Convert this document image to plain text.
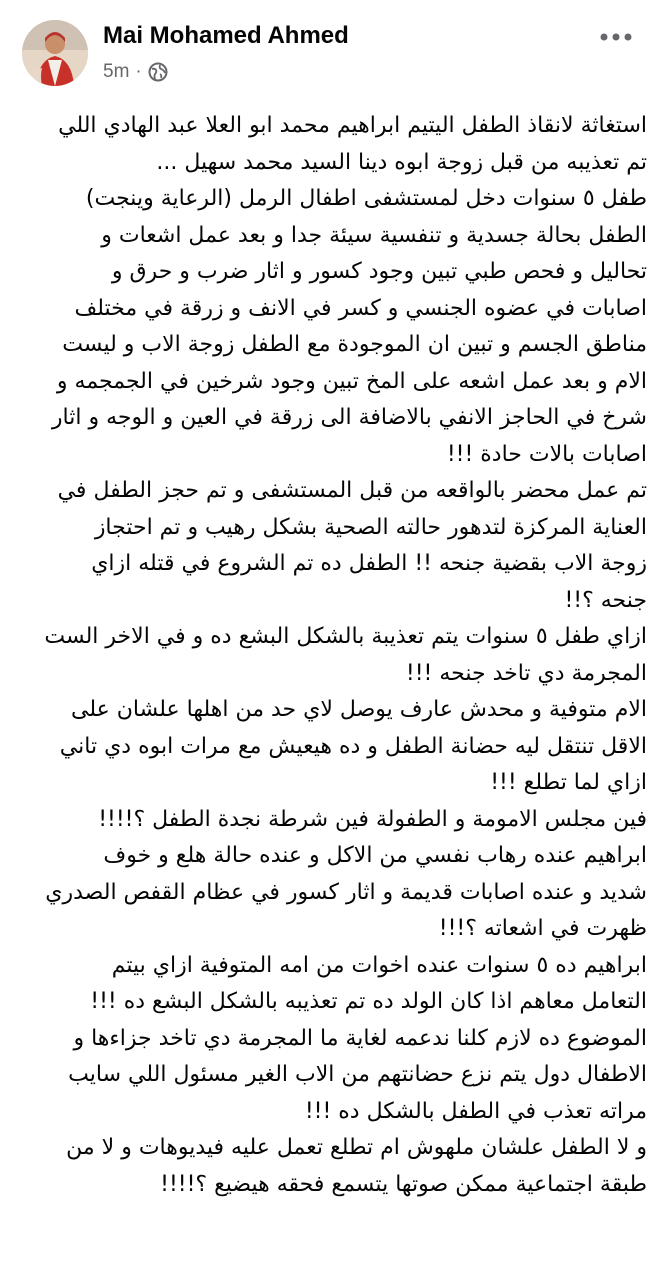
Mai Mohamed Ahmed
5m ·

استغاثة لانقاذ الطفل اليتيم ابراهيم محمد ابو العلا عبد الهادي اللي

تم تعذيبه من قبل زوجة ابوه دينا السيد محمد سهيل ...

طفل ٥ سنوات دخل لمستشفى اطفال الرمل (الرعاية وينجت)

الطفل بحالة جسدية و تنفسية سيئة جدا و بعد عمل اشعات و

تحاليل و فحص طبي تبين وجود كسور و اثار ضرب و حرق و

اصابات في عضوه الجنسي و كسر في الانف و زرقة في مختلف

مناطق الجسم و تبين ان الموجودة مع الطفل زوجة الاب و ليست

الام و بعد عمل اشعه على المخ تبين وجود شرخين في الجمجمه و

شرخ في الحاجز الانفي بالاضافة الى زرقة في العين و الوجه و اثار

اصابات بالات حادة !!!

تم عمل محضر بالواقعه من قبل المستشفى و تم حجز الطفل في

العناية المركزة لتدهور حالته الصحية بشكل رهيب و تم احتجاز

زوجة الاب بقضية جنحه !! الطفل ده تم الشروع في قتله ازاي

جنحه ؟!!

ازاي طفل ٥ سنوات يتم تعذيبة بالشكل البشع ده و في الاخر الست

المجرمة دي تاخد جنحه !!!

الام متوفية و محدش عارف يوصل لاي حد من اهلها علشان على

الاقل تنتقل ليه حضانة الطفل و ده هيعيش مع مرات ابوه دي تاني

ازاي لما تطلع !!!

فين مجلس الامومة و الطفولة فين شرطة نجدة الطفل ؟!!!!

ابراهيم عنده رهاب نفسي من الاكل و عنده حالة هلع و خوف

شديد و عنده اصابات قديمة و اثار كسور في عظام القفص الصدري

ظهرت في اشعاته ؟!!!

ابراهيم ده ٥ سنوات عنده اخوات من امه المتوفية ازاي بيتم

التعامل معاهم اذا كان الولد ده تم تعذيبه بالشكل البشع ده !!!

الموضوع ده لازم كلنا ندعمه لغاية ما المجرمة دي تاخد جزاءها و

الاطفال دول يتم نزع حضانتهم من الاب الغير مسئول اللي سايب

مراته تعذب في الطفل بالشكل ده !!!

و لا الطفل علشان ملهوش ام تطلع تعمل عليه فيديوهات و لا من

طبقة اجتماعية ممكن صوتها يتسمع فحقه هيضيع ؟!!!!
